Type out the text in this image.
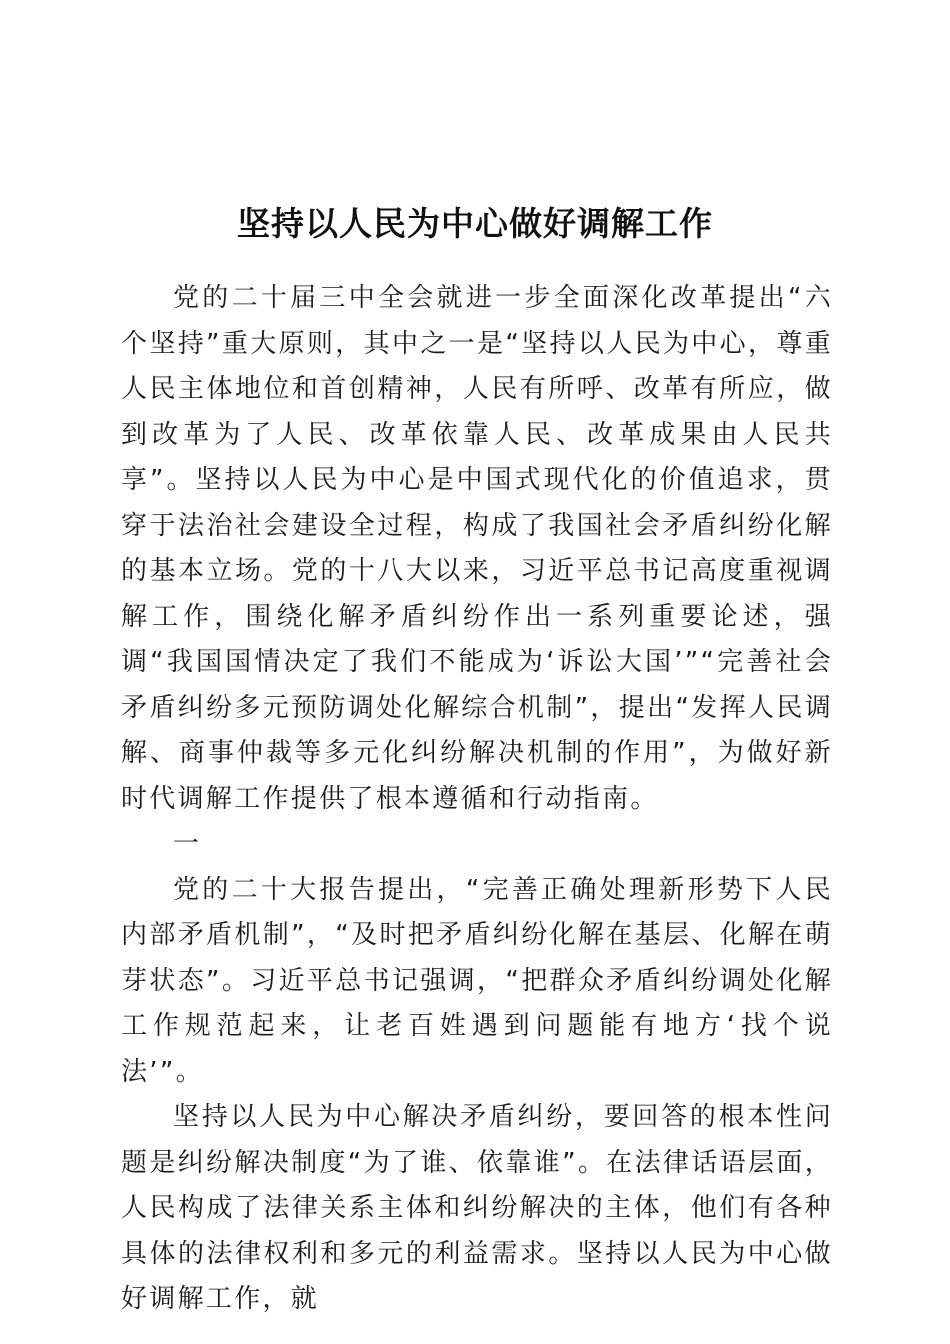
坚持以人民为中心做好调解工作

党的二十届三中全会就进一步全面深化改革提出“六个坚持”重大原则，其中之一是“坚持以人民为中心，尊重人民主体地位和首创精神，人民有所呼、改革有所应，做到改革为了人民、改革依靠人民、改革成果由人民共享”。坚持以人民为中心是中国式现代化的价值追求，贯穿于法治社会建设全过程，构成了我国社会矛盾纠纷化解的基本立场。党的十八大以来，习近平总书记高度重视调解工作，围绕化解矛盾纠纷作出一系列重要论述，强调“我国国情决定了我们不能成为‘诉讼大国’”“完善社会矛盾纠纷多元预防调处化解综合机制”，提出“发挥人民调解、商事仲裁等多元化纠纷解决机制的作用”，为做好新时代调解工作提供了根本遵循和行动指南。

一

党的二十大报告提出，“完善正确处理新形势下人民内部矛盾机制”，“及时把矛盾纠纷化解在基层、化解在萌芽状态”。习近平总书记强调，“把群众矛盾纠纷调处化解工作规范起来，让老百姓遇到问题能有地方‘找个说法’”。

坚持以人民为中心解决矛盾纠纷，要回答的根本性问题是纠纷解决制度“为了谁、依靠谁”。在法律话语层面，人民构成了法律关系主体和纠纷解决的主体，他们有各种具体的法律权利和多元的利益需求。坚持以人民为中心做好调解工作，就
